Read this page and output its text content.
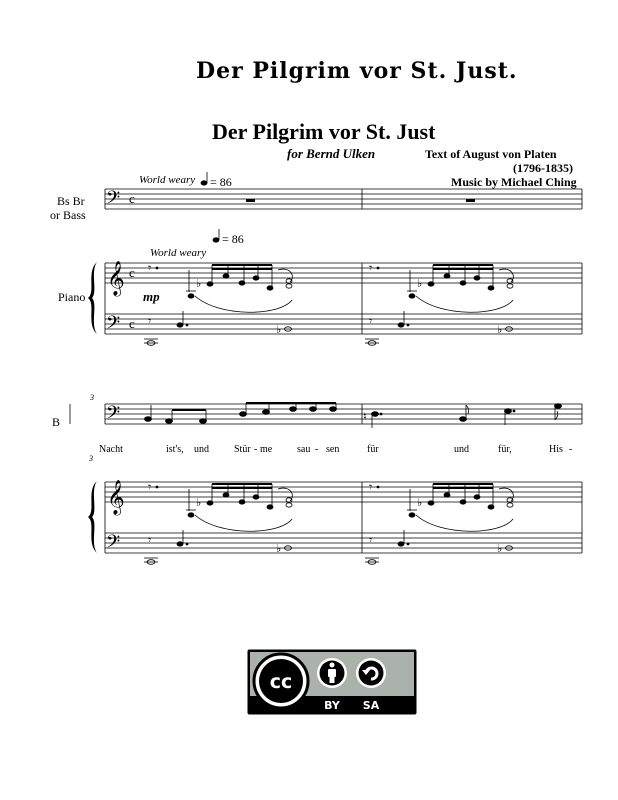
Der Pilgrim vor St. Just.
Der Pilgrim vor St. Just
for Bernd Ulken	Text of August von Platen
(1796-1835)
Music by Michael Ching
Bs Br
or Bass
Piano
World weary = 86
World weary
= 86
mp
3
3
B
Nacht	ist's, und	Stür - me sau - sen	für	und	für,	His -
𝄢
𝄞
𝄢
𝄢
𝄞
𝄢
c
c
c
𝄾
♭
𝄾
♭
♮
cc
BY SA
